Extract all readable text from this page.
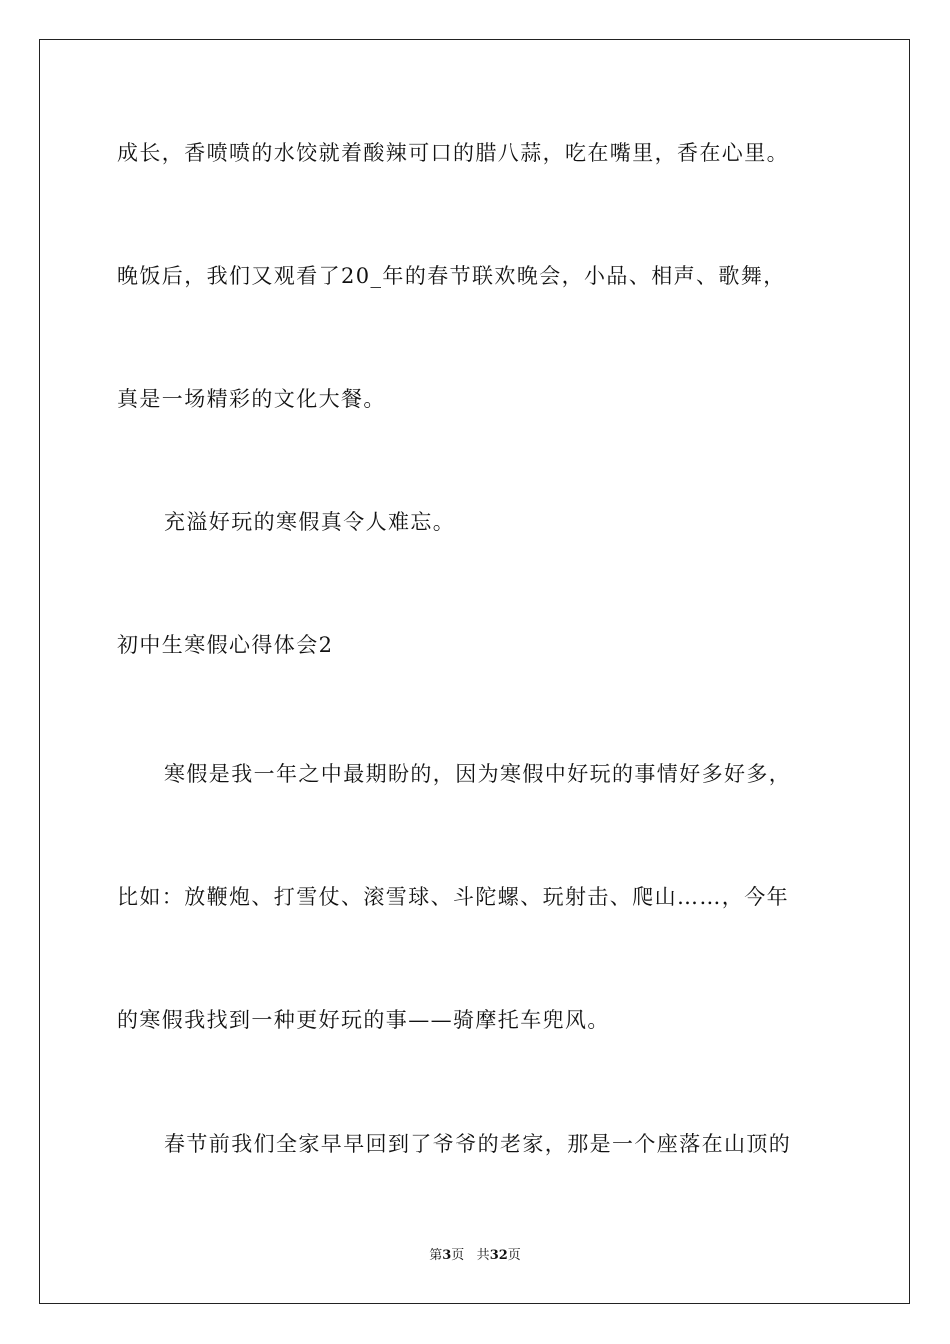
成长，香喷喷的水饺就着酸辣可口的腊八蒜，吃在嘴里，香在心里。
晚饭后，我们又观看了20_年的春节联欢晚会，小品、相声、歌舞，
真是一场精彩的文化大餐。
充溢好玩的寒假真令人难忘。
初中生寒假心得体会2
寒假是我一年之中最期盼的，因为寒假中好玩的事情好多好多，
比如：放鞭炮、打雪仗、滚雪球、斗陀螺、玩射击、爬山……，今年
的寒假我找到一种更好玩的事——骑摩托车兜风。
春节前我们全家早早回到了爷爷的老家，那是一个座落在山顶的
第3页 共32页
